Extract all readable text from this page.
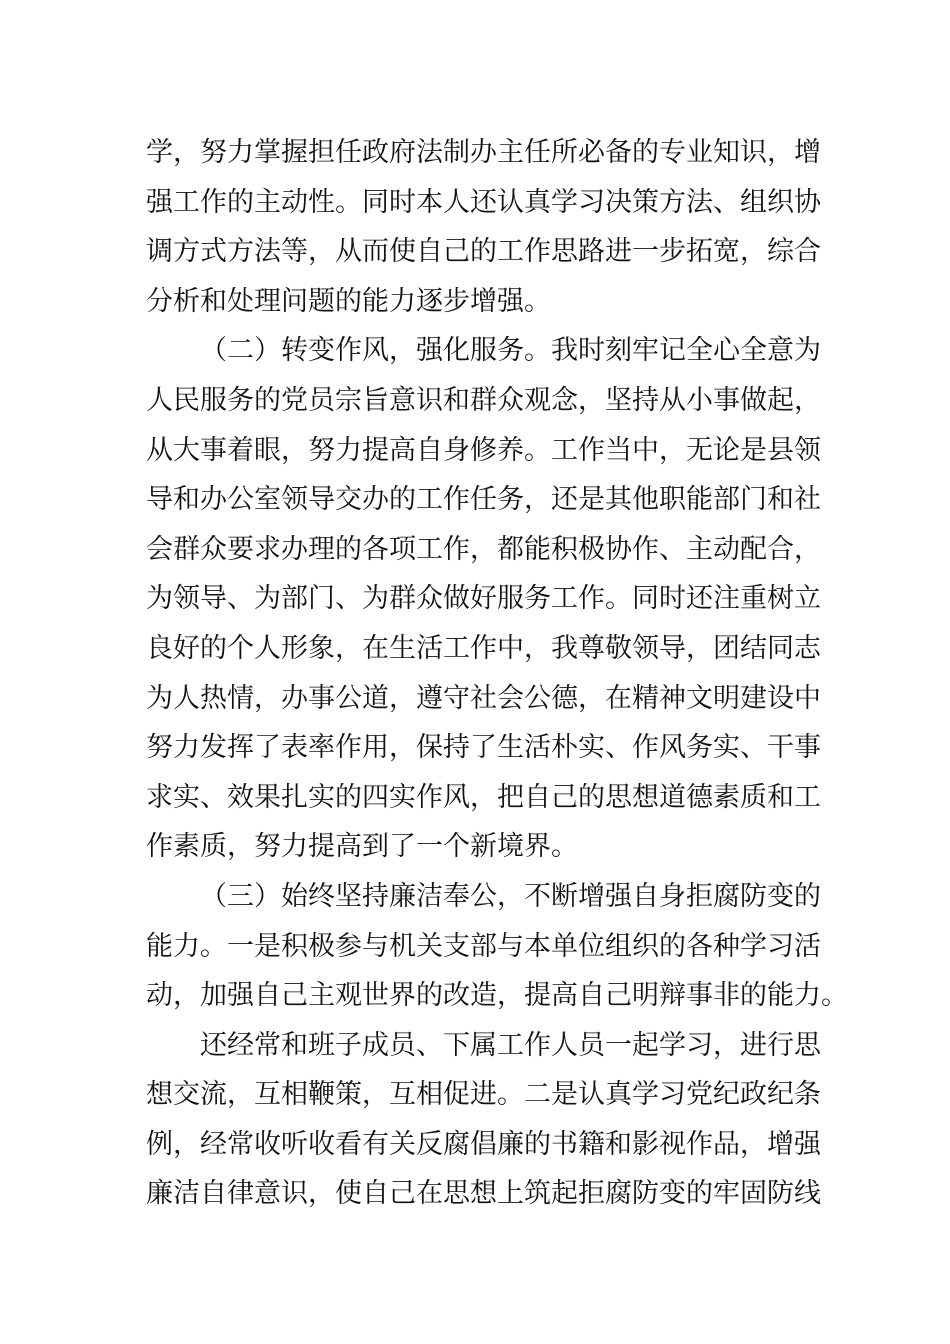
学 ， 努 力 掌 握 担 任 政 府 法 制 办 主 任 所 必 备 的 专 业 知 识 ， 增
强 工 作 的 主 动 性 。 同 时 本 人 还 认 真 学 习 决 策 方 法 、 组 织 协
调 方 式 方 法 等 ， 从 而 使 自 己 的 工 作 思 路 进 一 步 拓 宽 ， 综 合
分 析 和 处 理 问 题 的 能 力 逐 步 增 强 。
（ 二 ） 转 变 作 风 ， 强 化 服 务 。 我 时 刻 牢 记 全 心 全 意 为
人 民 服 务 的 党 员 宗 旨 意 识 和 群 众 观 念 ， 坚 持 从 小 事 做 起 ，
从 大 事 着 眼 ， 努 力 提 高 自 身 修 养 。 工 作 当 中 ， 无 论 是 县 领
导 和 办 公 室 领 导 交 办 的 工 作 任 务 ， 还 是 其 他 职 能 部 门 和 社
会 群 众 要 求 办 理 的 各 项 工 作 ， 都 能 积 极 协 作 、 主 动 配 合 ，
为 领 导 、 为 部 门 、 为 群 众 做 好 服 务 工 作 。 同 时 还 注 重 树 立
良 好 的 个 人 形 象 ， 在 生 活 工 作 中 ， 我 尊 敬 领 导 ， 团 结 同 志
为 人 热 情 ， 办 事 公 道 ， 遵 守 社 会 公 德 ， 在 精 神 文 明 建 设 中
努 力 发 挥 了 表 率 作 用 ， 保 持 了 生 活 朴 实 、 作 风 务 实 、 干 事
求 实 、 效 果 扎 实 的 四 实 作 风 ， 把 自 己 的 思 想 道 德 素 质 和 工
作 素 质 ， 努 力 提 高 到 了 一 个 新 境 界 。
（ 三 ） 始 终 坚 持 廉 洁 奉 公 ， 不 断 增 强 自 身 拒 腐 防 变 的
能 力 。 一 是 积 极 参 与 机 关 支 部 与 本 单 位 组 织 的 各 种 学 习 活
动 ， 加 强 自 己 主 观 世 界 的 改 造 ， 提 高 自 己 明 辩 事 非 的 能 力 。
还 经 常 和 班 子 成 员 、 下 属 工 作 人 员 一 起 学 习 ， 进 行 思
想 交 流 ， 互 相 鞭 策 ， 互 相 促 进 。 二 是 认 真 学 习 党 纪 政 纪 条
例 ， 经 常 收 听 收 看 有 关 反 腐 倡 廉 的 书 籍 和 影 视 作 品 ， 增 强
廉 洁 自 律 意 识 ， 使 自 己 在 思 想 上 筑 起 拒 腐 防 变 的 牢 固 防 线
